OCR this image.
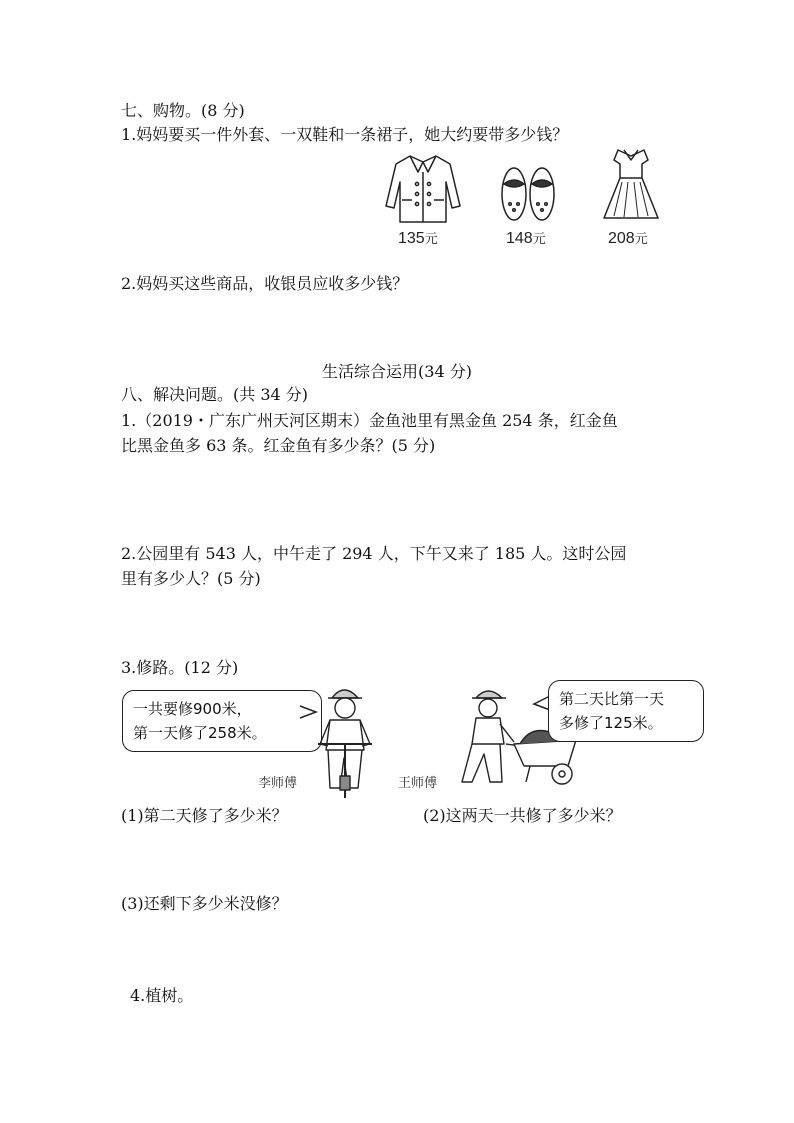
七、购物。(8 分)
1.妈妈要买一件外套、一双鞋和一条裙子，她大约要带多少钱？
135元	148元	208元
2.妈妈买这些商品，收银员应收多少钱？
生活综合运用(34 分)
八、解决问题。(共 34 分)
1.（2019・广东广州天河区期末）金鱼池里有黑金鱼 254 条，红金鱼
比黑金鱼多 63 条。红金鱼有多少条？(5 分)
2.公园里有 543 人，中午走了 294 人，下午又来了 185 人。这时公园
里有多少人？(5 分)
3.修路。(12 分)
一共要修900米，
第一天修了258米。
李师傅	王师傅
第二天比第一天
多修了125米。
(1)第二天修了多少米？	(2)这两天一共修了多少米？
(3)还剩下多少米没修？
4.植树。
